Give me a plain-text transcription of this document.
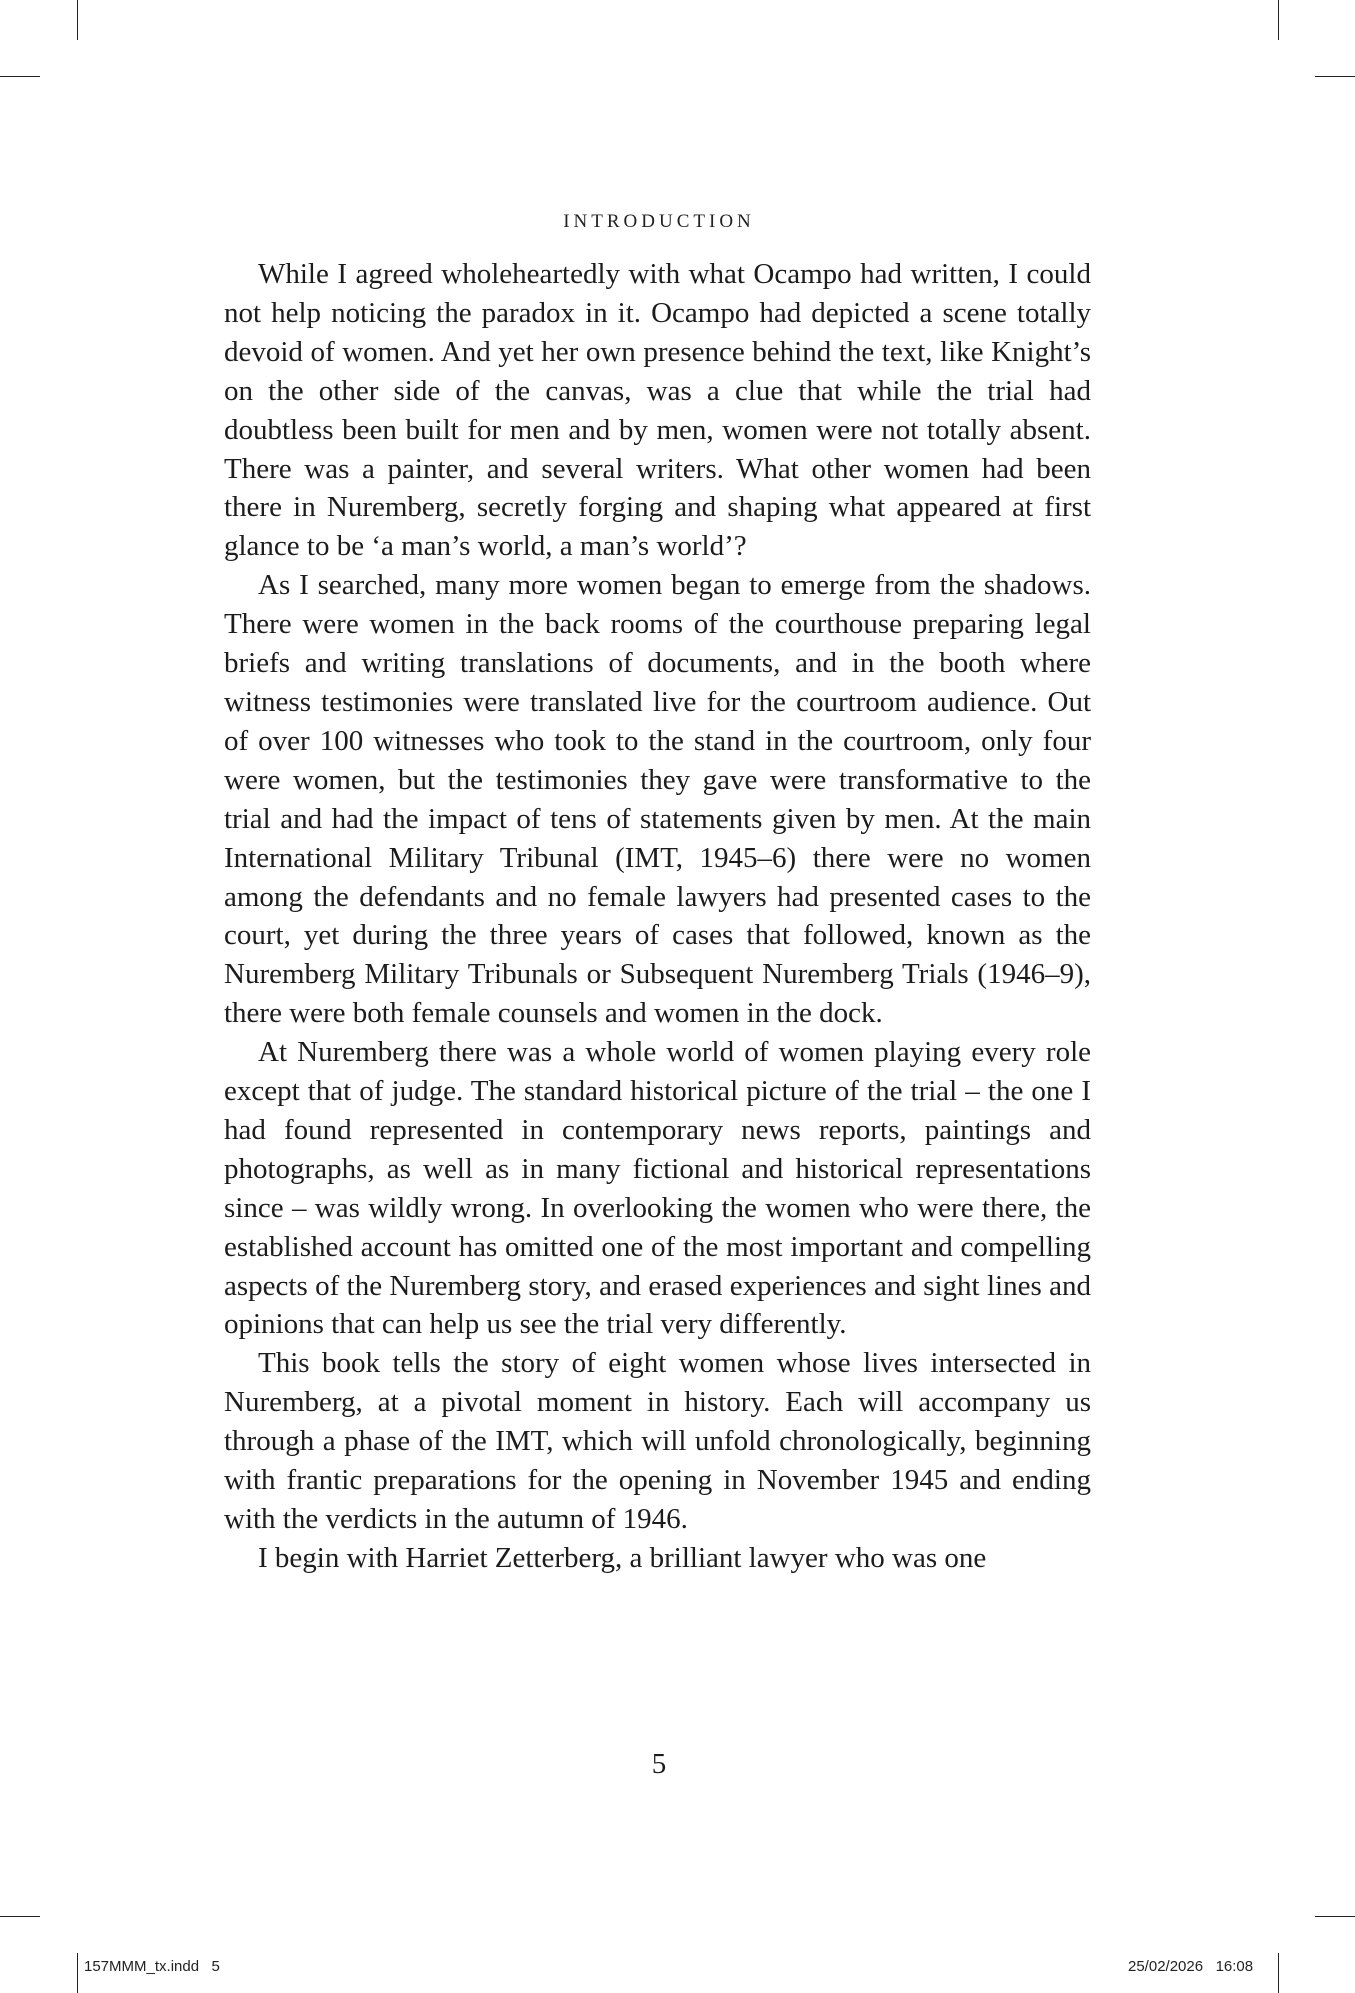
INTRODUCTION

While I agreed wholeheartedly with what Ocampo had written, I could not help noticing the paradox in it. Ocampo had depicted a scene totally devoid of women. And yet her own presence behind the text, like Knight’s on the other side of the canvas, was a clue that while the trial had doubtless been built for men and by men, women were not totally absent. There was a painter, and several writers. What other women had been there in Nuremberg, secretly forging and shaping what appeared at first glance to be ‘a man’s world, a man’s world’?

As I searched, many more women began to emerge from the shadows. There were women in the back rooms of the courthouse preparing legal briefs and writing translations of documents, and in the booth where witness testimonies were translated live for the courtroom audience. Out of over 100 witnesses who took to the stand in the courtroom, only four were women, but the testimonies they gave were transformative to the trial and had the impact of tens of statements given by men. At the main International Military Tribunal (IMT, 1945–6) there were no women among the defendants and no female lawyers had presented cases to the court, yet during the three years of cases that followed, known as the Nuremberg Military Tribunals or Subsequent Nuremberg Trials (1946–9), there were both female counsels and women in the dock.

At Nuremberg there was a whole world of women playing every role except that of judge. The standard historical picture of the trial – the one I had found represented in contemporary news reports, paintings and photographs, as well as in many fictional and historical representations since – was wildly wrong. In overlooking the women who were there, the established account has omitted one of the most important and compelling aspects of the Nuremberg story, and erased experiences and sight lines and opinions that can help us see the trial very differently.

This book tells the story of eight women whose lives intersected in Nuremberg, at a pivotal moment in history. Each will accompany us through a phase of the IMT, which will unfold chronologically, beginning with frantic preparations for the opening in November 1945 and ending with the verdicts in the autumn of 1946.

I begin with Harriet Zetterberg, a brilliant lawyer who was one

5
157MMM_tx.indd   5	25/02/2026   16:08
